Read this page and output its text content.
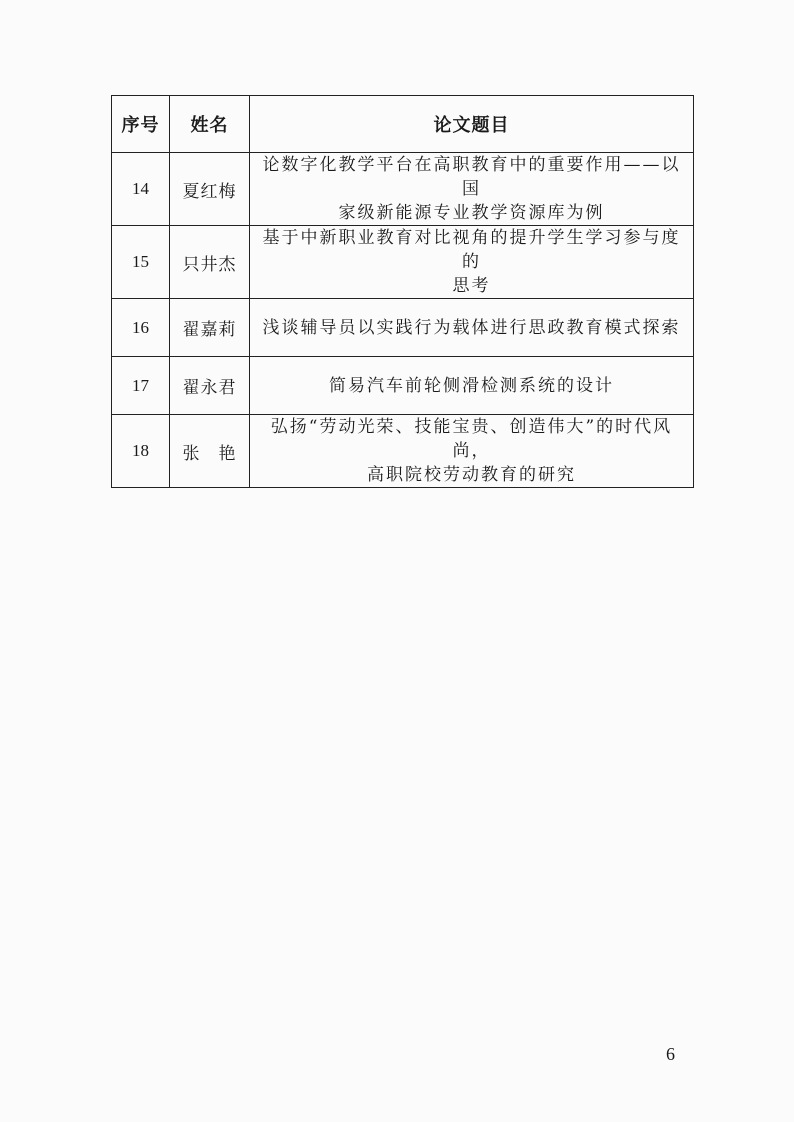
序号	姓名	论文题目
14	夏红梅	论数字化教学平台在高职教育中的重要作用——以国
家级新能源专业教学资源库为例

15	只井杰	基于中新职业教育对比视角的提升学生学习参与度的
思考

16	翟嘉莉	浅谈辅导员以实践行为载体进行思政教育模式探索

17	翟永君	简易汽车前轮侧滑检测系统的设计

18	张　艳	弘扬“劳动光荣、技能宝贵、创造伟大”的时代风尚，
高职院校劳动教育的研究
6
